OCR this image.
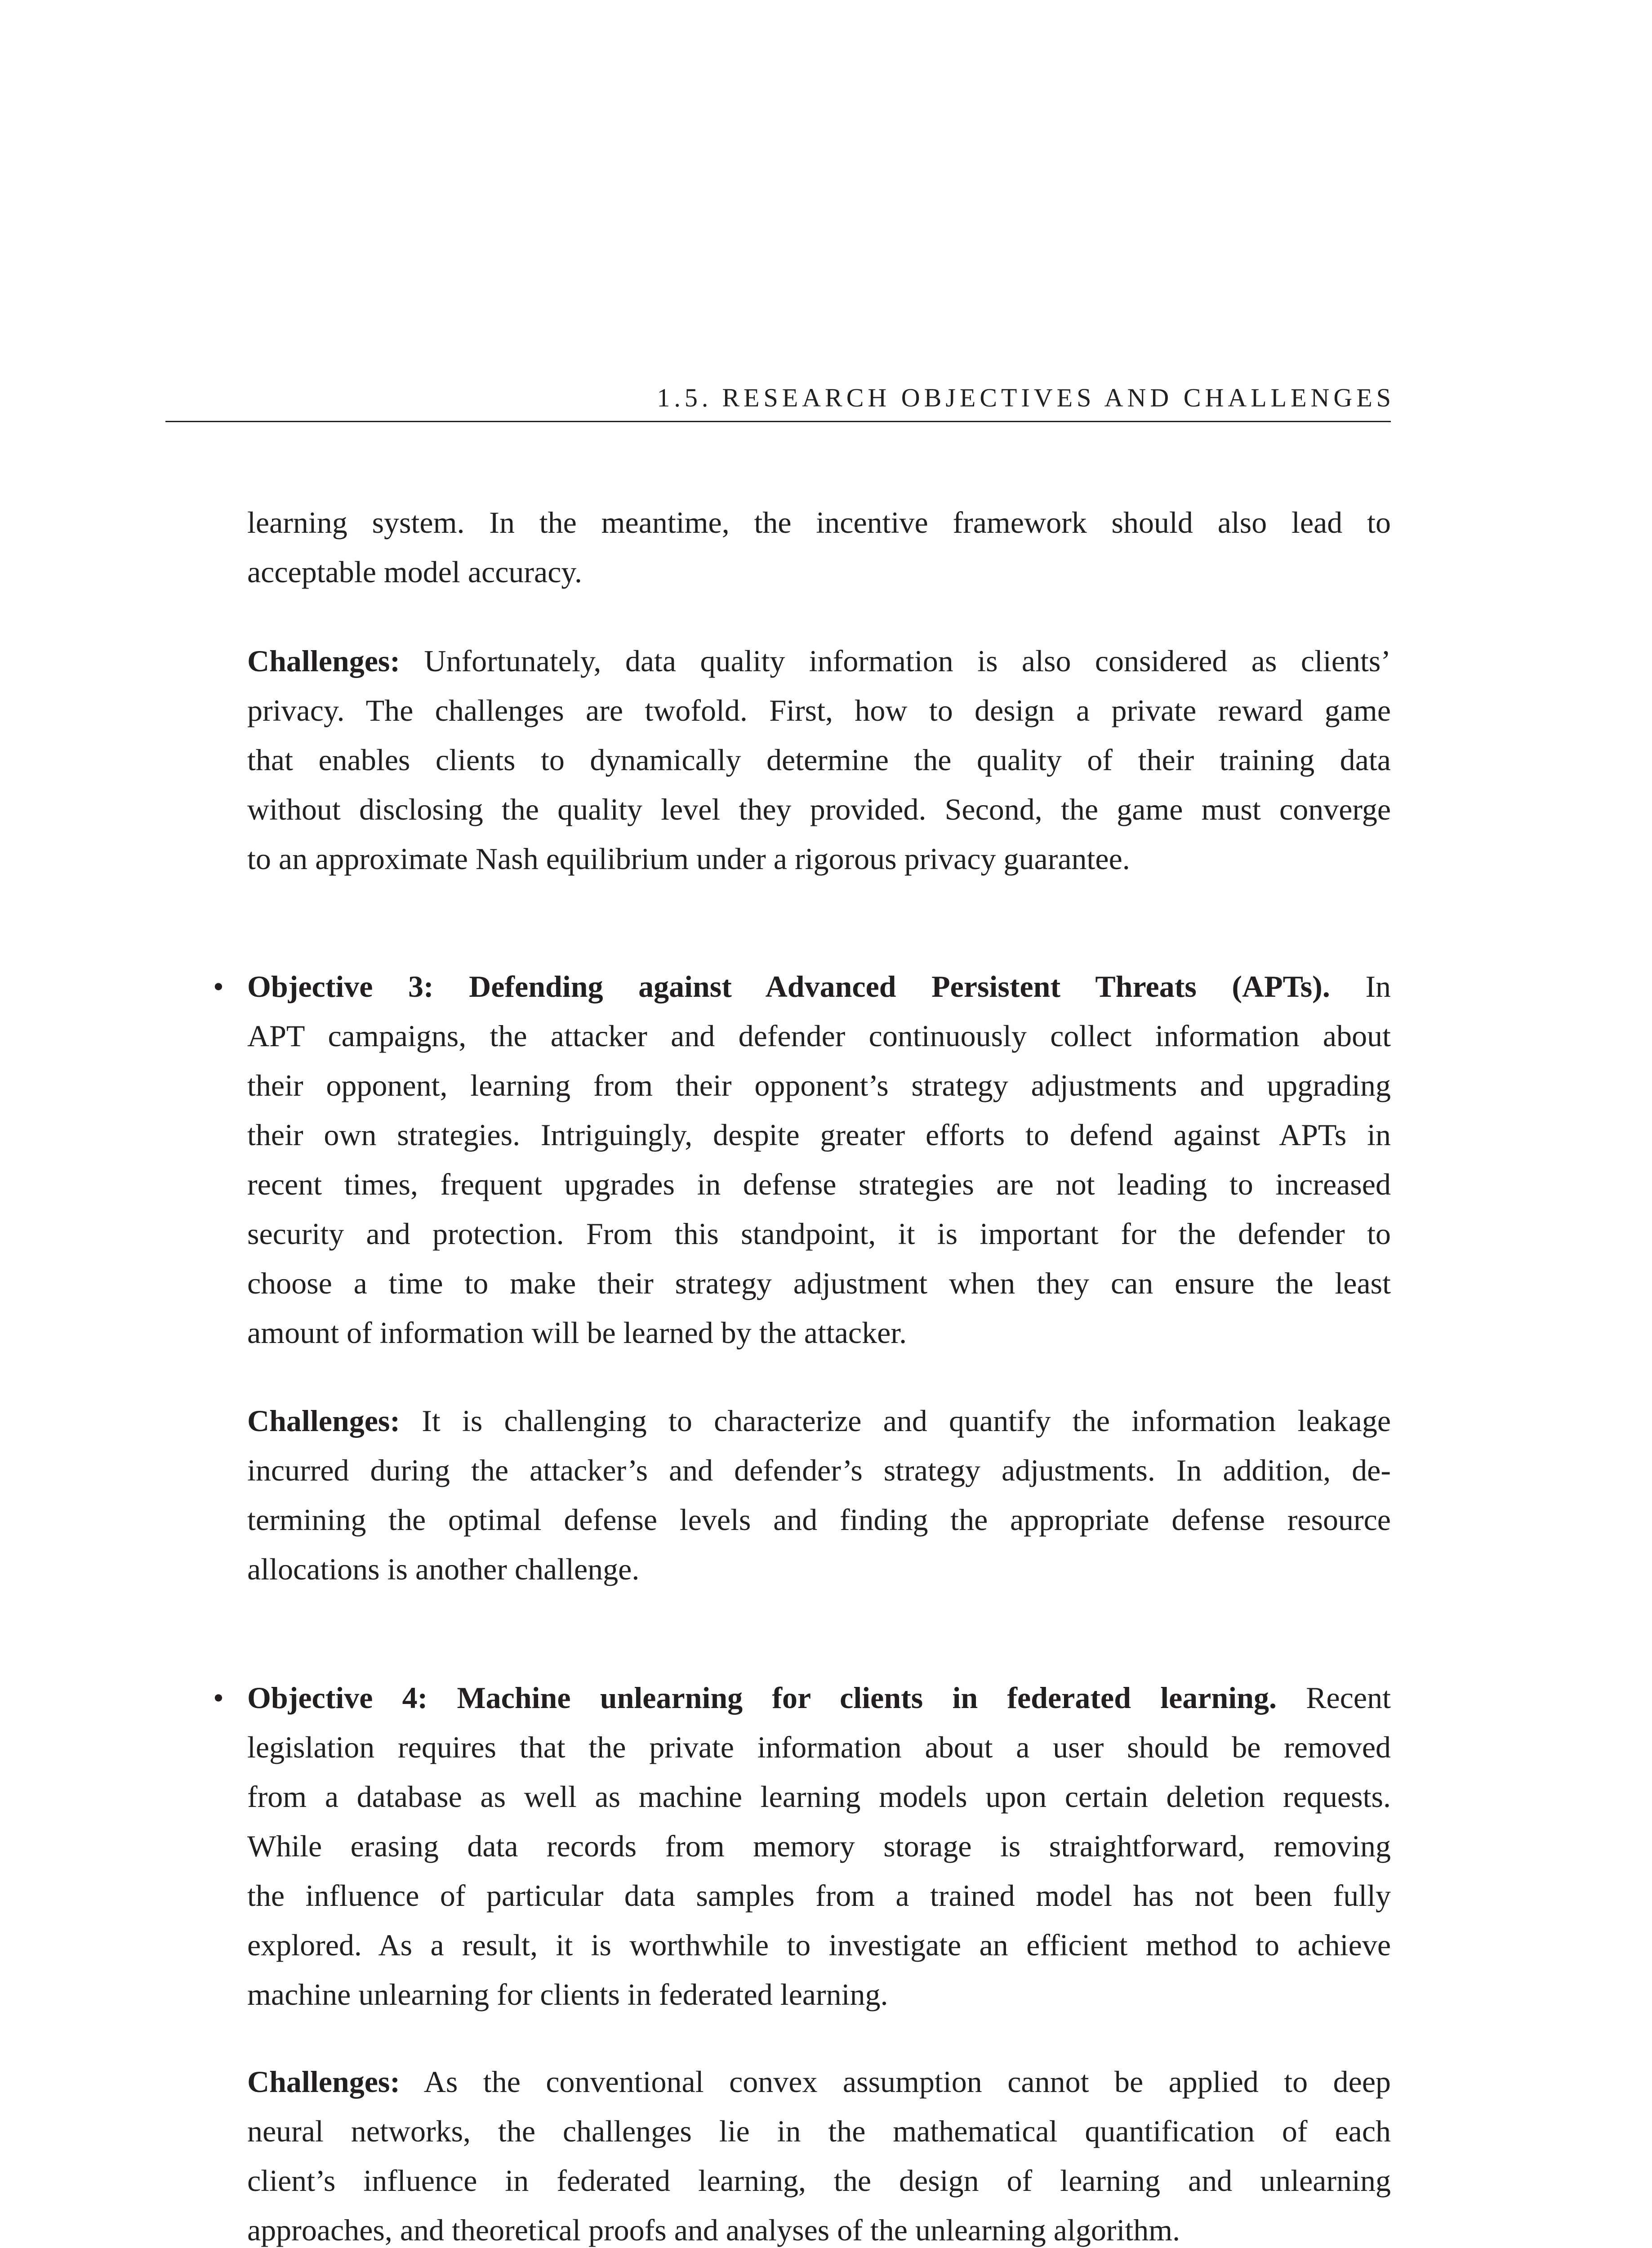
1.5. RESEARCH OBJECTIVES AND CHALLENGES
learning system. In the meantime, the incentive framework should also lead to
acceptable model accuracy.
Challenges: Unfortunately, data quality information is also considered as clients’
privacy. The challenges are twofold. First, how to design a private reward game
that enables clients to dynamically determine the quality of their training data
without disclosing the quality level they provided. Second, the game must converge
to an approximate Nash equilibrium under a rigorous privacy guarantee.
• Objective 3: Defending against Advanced Persistent Threats (APTs). In
APT campaigns, the attacker and defender continuously collect information about
their opponent, learning from their opponent’s strategy adjustments and upgrading
their own strategies. Intriguingly, despite greater efforts to defend against APTs in
recent times, frequent upgrades in defense strategies are not leading to increased
security and protection. From this standpoint, it is important for the defender to
choose a time to make their strategy adjustment when they can ensure the least
amount of information will be learned by the attacker.
Challenges: It is challenging to characterize and quantify the information leakage
incurred during the attacker’s and defender’s strategy adjustments. In addition, de-
termining the optimal defense levels and finding the appropriate defense resource
allocations is another challenge.
• Objective 4: Machine unlearning for clients in federated learning. Recent
legislation requires that the private information about a user should be removed
from a database as well as machine learning models upon certain deletion requests.
While erasing data records from memory storage is straightforward, removing
the influence of particular data samples from a trained model has not been fully
explored. As a result, it is worthwhile to investigate an efficient method to achieve
machine unlearning for clients in federated learning.
Challenges: As the conventional convex assumption cannot be applied to deep
neural networks, the challenges lie in the mathematical quantification of each
client’s influence in federated learning, the design of learning and unlearning
approaches, and theoretical proofs and analyses of the unlearning algorithm.
